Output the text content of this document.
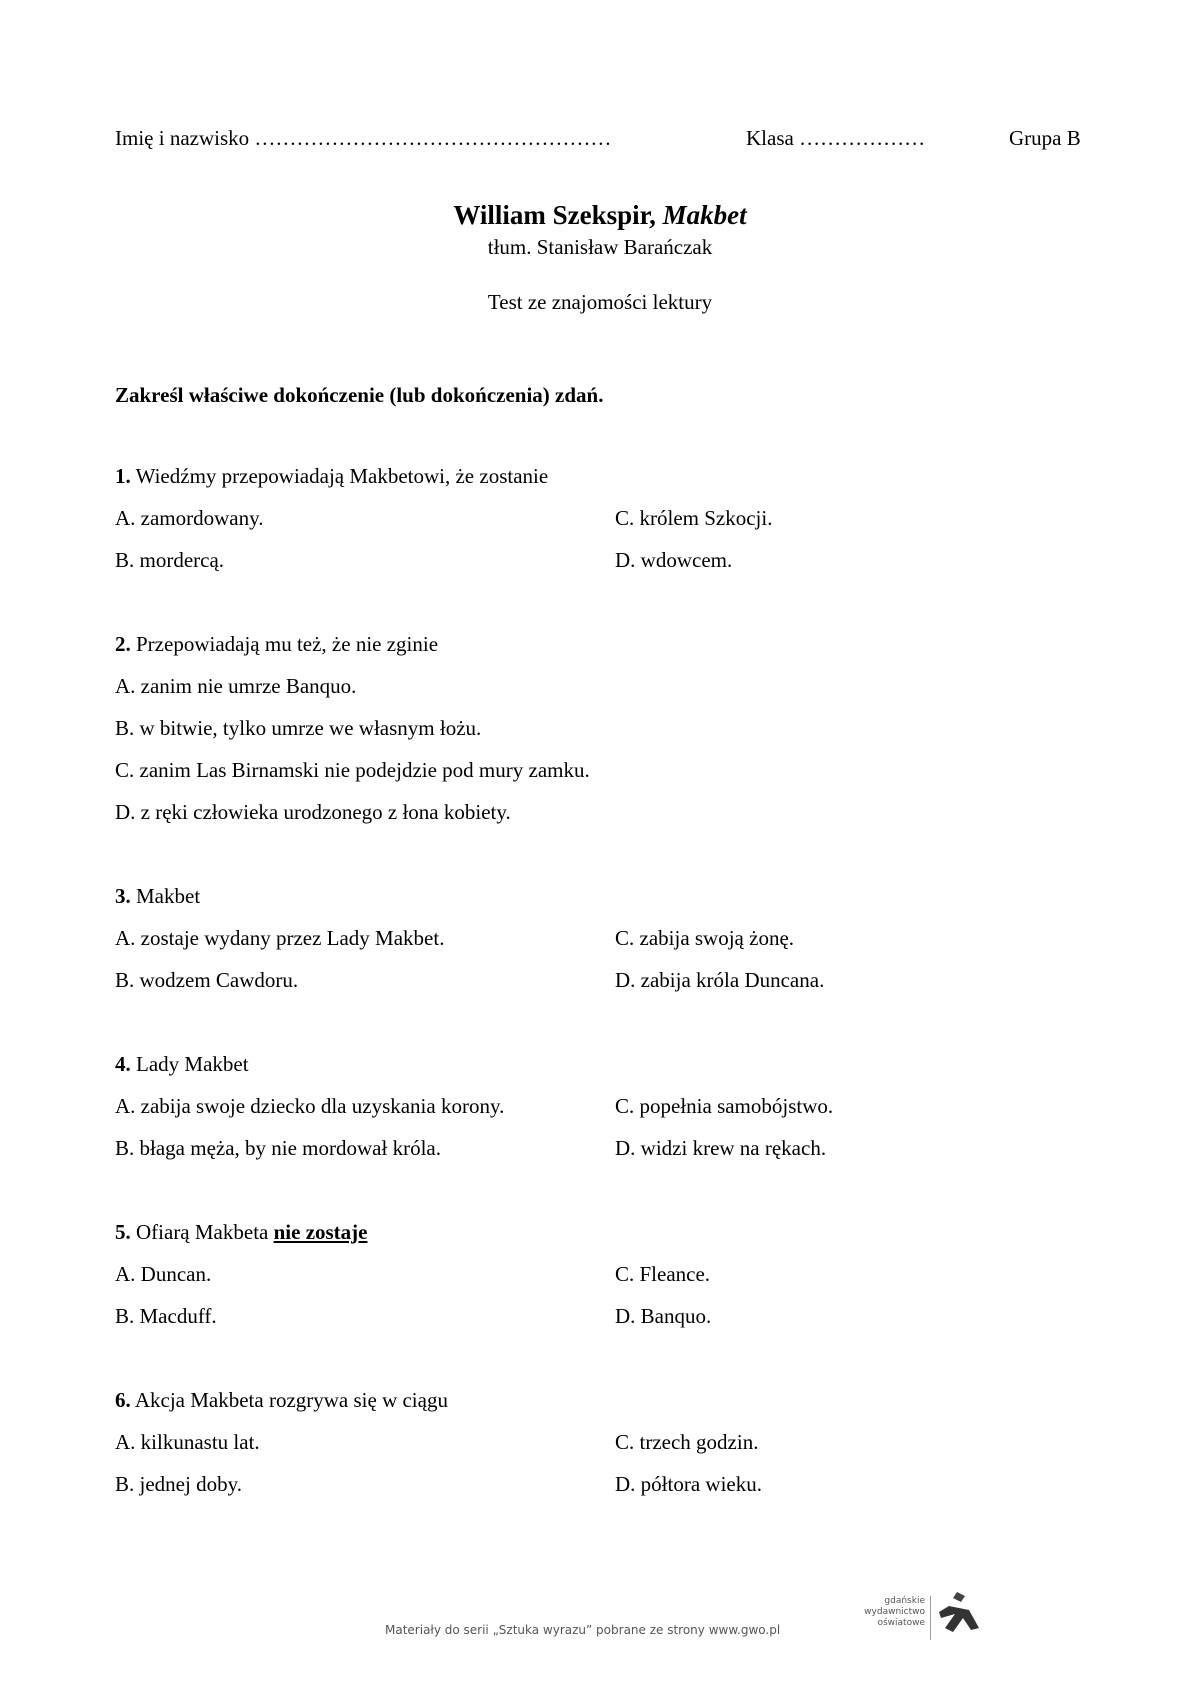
Imię i nazwisko ……………………………………………	Klasa ………………	Grupa B
William Szekspir, Makbet
tłum. Stanisław Barańczak
Test ze znajomości lektury
Zakreśl właściwe dokończenie (lub dokończenia) zdań.
1. Wiedźmy przepowiadają Makbetowi, że zostanie
A. zamordowany.	C. królem Szkocji.
B. mordercą.	D. wdowcem.
2. Przepowiadają mu też, że nie zginie
A. zanim nie umrze Banquo.
B. w bitwie, tylko umrze we własnym łożu.
C. zanim Las Birnamski nie podejdzie pod mury zamku.
D. z ręki człowieka urodzonego z łona kobiety.
3. Makbet
A. zostaje wydany przez Lady Makbet.	C. zabija swoją żonę.
B. wodzem Cawdoru.	D. zabija króla Duncana.
4. Lady Makbet
A. zabija swoje dziecko dla uzyskania korony.	C. popełnia samobójstwo.
B. błaga męża, by nie mordował króla.	D. widzi krew na rękach.
5. Ofiarą Makbeta nie zostaje
A. Duncan.	C. Fleance.
B. Macduff.	D. Banquo.
6. Akcja Makbeta rozgrywa się w ciągu
A. kilkunastu lat.	C. trzech godzin.
B. jednej doby.	D. półtora wieku.
Materiały do serii „Sztuka wyrazu” pobrane ze strony www.gwo.pl
gdańskie
wydawnictwo
oświatowe
